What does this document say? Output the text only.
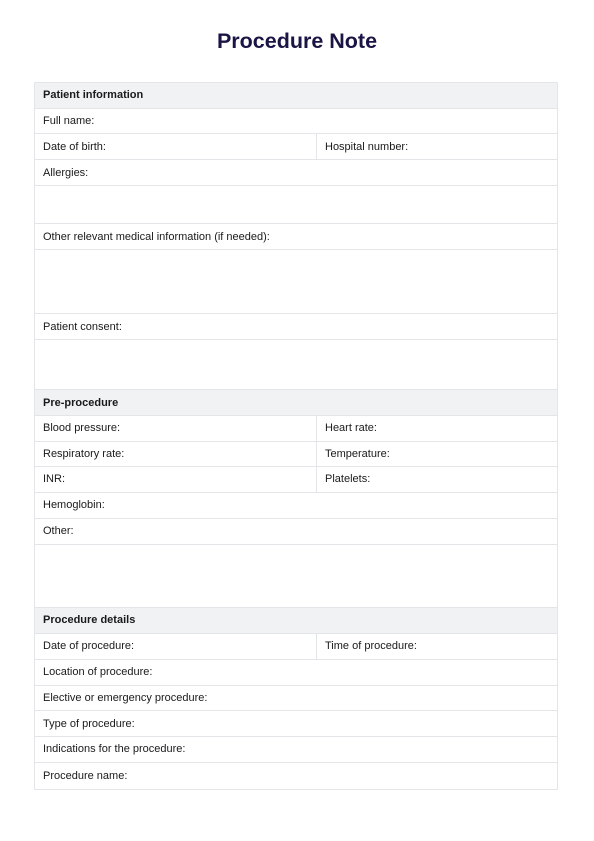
Procedure Note
Patient information
Full name:
Date of birth:	Hospital number:
Allergies:
Other relevant medical information (if needed):
Patient consent:
Pre-procedure
Blood pressure:	Heart rate:
Respiratory rate:	Temperature:
INR:	Platelets:
Hemoglobin:
Other:
Procedure details
Date of procedure:	Time of procedure:
Location of procedure:
Elective or emergency procedure:
Type of procedure:
Indications for the procedure:
Procedure name:
